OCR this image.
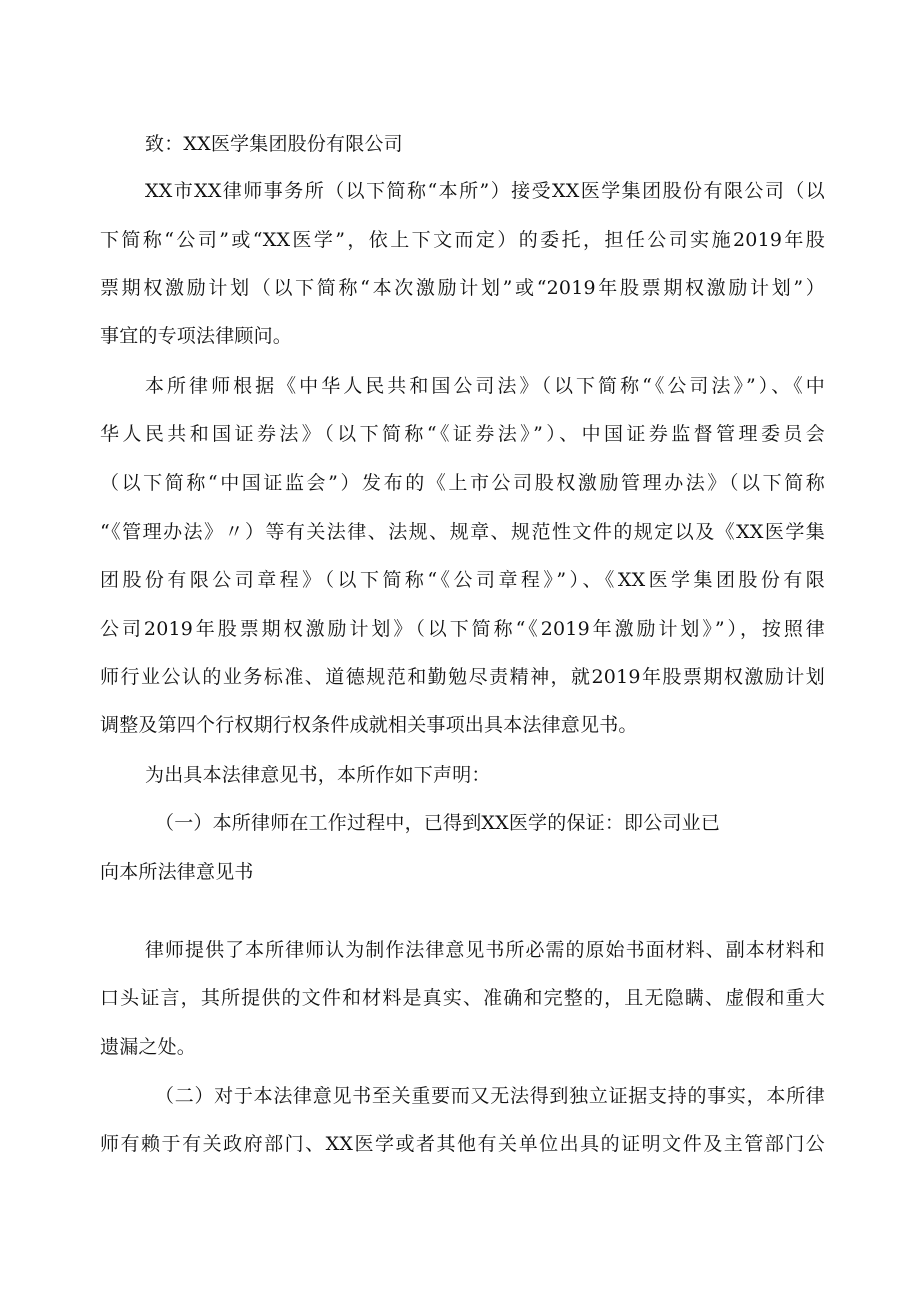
致：XX医学集团股份有限公司
XX市XX律师事务所（以下简称“本所”）接受XX医学集团股份有限公司（以
下简称“公司”或“XX医学”，依上下文而定）的委托，担任公司实施2019年股
票期权激励计划（以下简称“本次激励计划”或“2019年股票期权激励计划”）
事宜的专项法律顾问。
本所律师根据《中华人民共和国公司法》（以下简称“《公司法》”）、《中
华人民共和国证券法》（以下简称“《证券法》”）、中国证券监督管理委员会
（以下简称“中国证监会”）发布的《上市公司股权激励管理办法》（以下简称
“《管理办法》〃）等有关法律、法规、规章、规范性文件的规定以及《XX医学集
团股份有限公司章程》（以下简称“《公司章程》”）、《XX医学集团股份有限
公司2019年股票期权激励计划》（以下简称“《2019年激励计划》”），按照律
师行业公认的业务标准、道德规范和勤勉尽责精神，就2019年股票期权激励计划
调整及第四个行权期行权条件成就相关事项出具本法律意见书。
为出具本法律意见书，本所作如下声明：
（一）本所律师在工作过程中，已得到XX医学的保证：即公司业已
向本所法律意见书
律师提供了本所律师认为制作法律意见书所必需的原始书面材料、副本材料和
口头证言，其所提供的文件和材料是真实、准确和完整的，且无隐瞒、虚假和重大
遗漏之处。
（二）对于本法律意见书至关重要而又无法得到独立证据支持的事实，本所律
师有赖于有关政府部门、XX医学或者其他有关单位出具的证明文件及主管部门公
